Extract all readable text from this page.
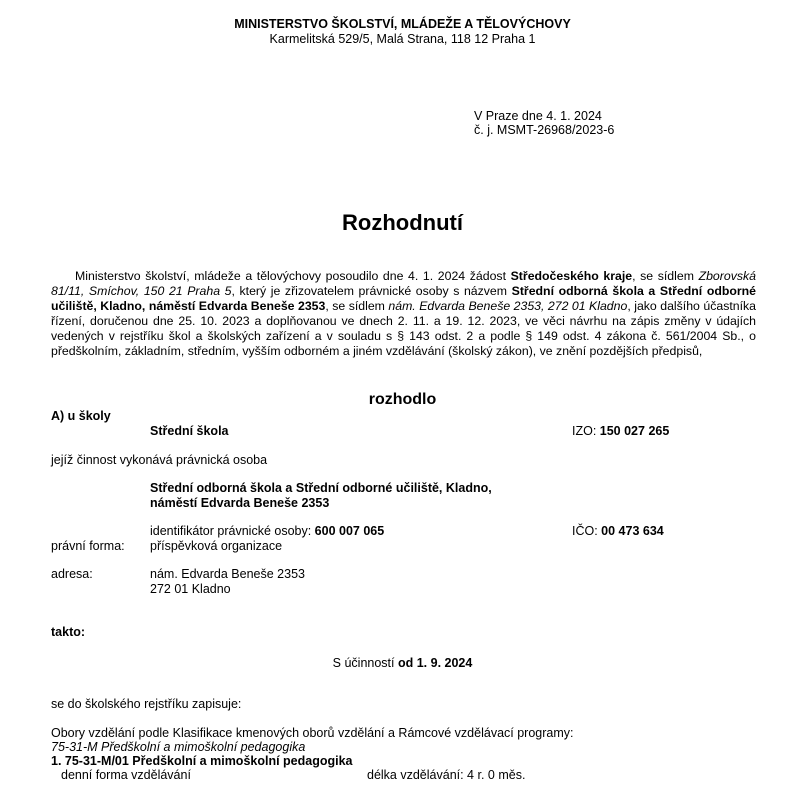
MINISTERSTVO ŠKOLSTVÍ, MLÁDEŽE A TĚLOVÝCHOVY
Karmelitská 529/5, Malá Strana, 118 12 Praha 1
V Praze dne 4. 1. 2024
č. j. MSMT-26968/2023-6
Rozhodnutí
Ministerstvo školství, mládeže a tělovýchovy posoudilo dne 4. 1. 2024 žádost Středočeského kraje, se sídlem Zborovská 81/11, Smíchov, 150 21 Praha 5, který je zřizovatelem právnické osoby s názvem Střední odborná škola a Střední odborné učiliště, Kladno, náměstí Edvarda Beneše 2353, se sídlem nám. Edvarda Beneše 2353, 272 01 Kladno, jako dalšího účastníka řízení, doručenou dne 25. 10. 2023 a doplňovanou ve dnech 2. 11. a 19. 12. 2023, ve věci návrhu na zápis změny v údajích vedených v rejstříku škol a školských zařízení a v souladu s § 143 odst. 2 a podle § 149 odst. 4 zákona č. 561/2004 Sb., o předškolním, základním, středním, vyšším odborném a jiném vzdělávání (školský zákon), ve znění pozdějších předpisů,
rozhodlo
A) u školy
Střední škola	IZO: 150 027 265
jejíž činnost vykonává právnická osoba
Střední odborná škola a Střední odborné učiliště, Kladno,
náměstí Edvarda Beneše 2353
identifikátor právnické osoby: 600 007 065	IČO: 00 473 634
právní forma: příspěvková organizace
adresa:	nám. Edvarda Beneše 2353
272 01 Kladno
takto:
S účinností od 1. 9. 2024
se do školského rejstříku zapisuje:
Obory vzdělání podle Klasifikace kmenových oborů vzdělání a Rámcové vzdělávací programy:
75-31-M Předškolní a mimoškolní pedagogika
1. 75-31-M/01 Předškolní a mimoškolní pedagogika
denní forma vzdělávání	délka vzdělávání: 4 r. 0 měs.
